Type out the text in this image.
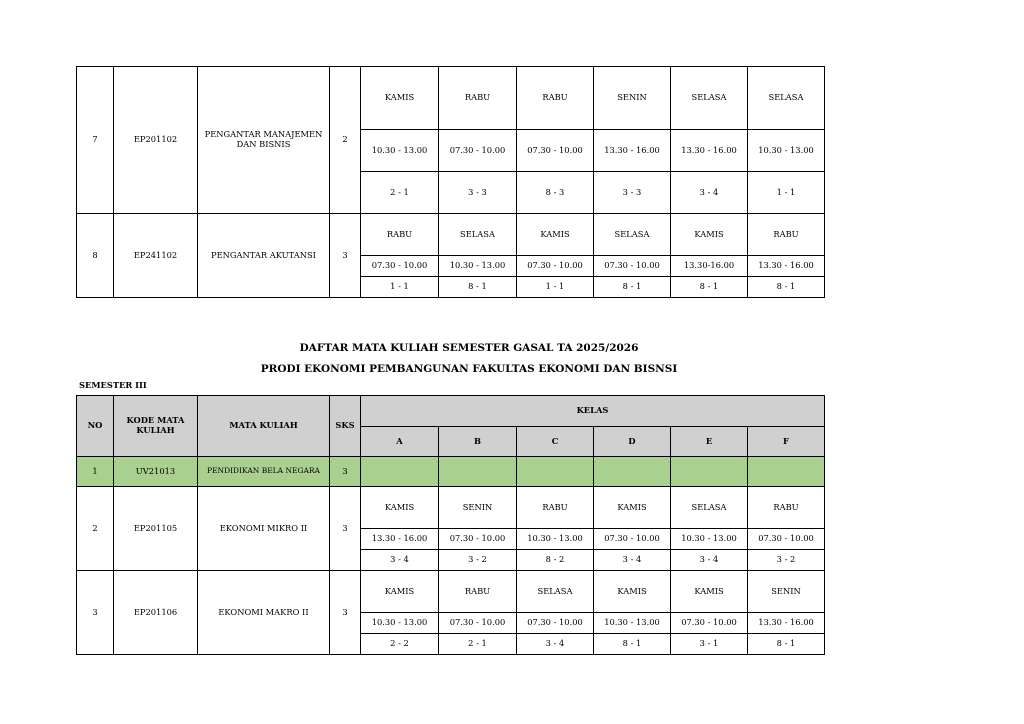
7	EP201102	PENGANTAR MANAJEMEN DAN BISNIS	2	KAMIS	RABU	RABU	SENIN	SELASA	SELASA
				10.30 - 13.00	07.30 - 10.00	07.30 - 10.00	13.30 - 16.00	13.30 - 16.00	10.30 - 13.00
				2 - 1	3 - 3	8 - 3	3 - 3	3 - 4	1 - 1
8	EP241102	PENGANTAR AKUTANSI	3	RABU	SELASA	KAMIS	SELASA	KAMIS	RABU
				07.30 - 10.00	10.30 - 13.00	07.30 - 10.00	07.30 - 10.00	13.30-16.00	13.30 - 16.00
				1 - 1	8 - 1	1 - 1	8 - 1	8 - 1	8 - 1
DAFTAR MATA KULIAH SEMESTER GASAL TA 2025/2026
PRODI EKONOMI PEMBANGUNAN FAKULTAS EKONOMI DAN BISNSI
SEMESTER III
NO	KODE MATA KULIAH	MATA KULIAH	SKS	KELAS					
				A	B	C	D	E	F
1	UV21013	PENDIDIKAN BELA NEGARA	3						
2	EP201105	EKONOMI MIKRO II	3	KAMIS	SENIN	RABU	KAMIS	SELASA	RABU
				13.30 - 16.00	07.30 - 10.00	10.30 - 13.00	07.30 - 10.00	10.30 - 13.00	07.30 - 10.00
				3 - 4	3 - 2	8 - 2	3 - 4	3 - 4	3 - 2
3	EP201106	EKONOMI MAKRO II	3	KAMIS	RABU	SELASA	KAMIS	KAMIS	SENIN
				10.30 - 13.00	07.30 - 10.00	07.30 - 10.00	10.30 - 13.00	07.30 - 10.00	13.30 - 16.00
				2 - 2	2 - 1	3 - 4	8 - 1	3 - 1	8 - 1
